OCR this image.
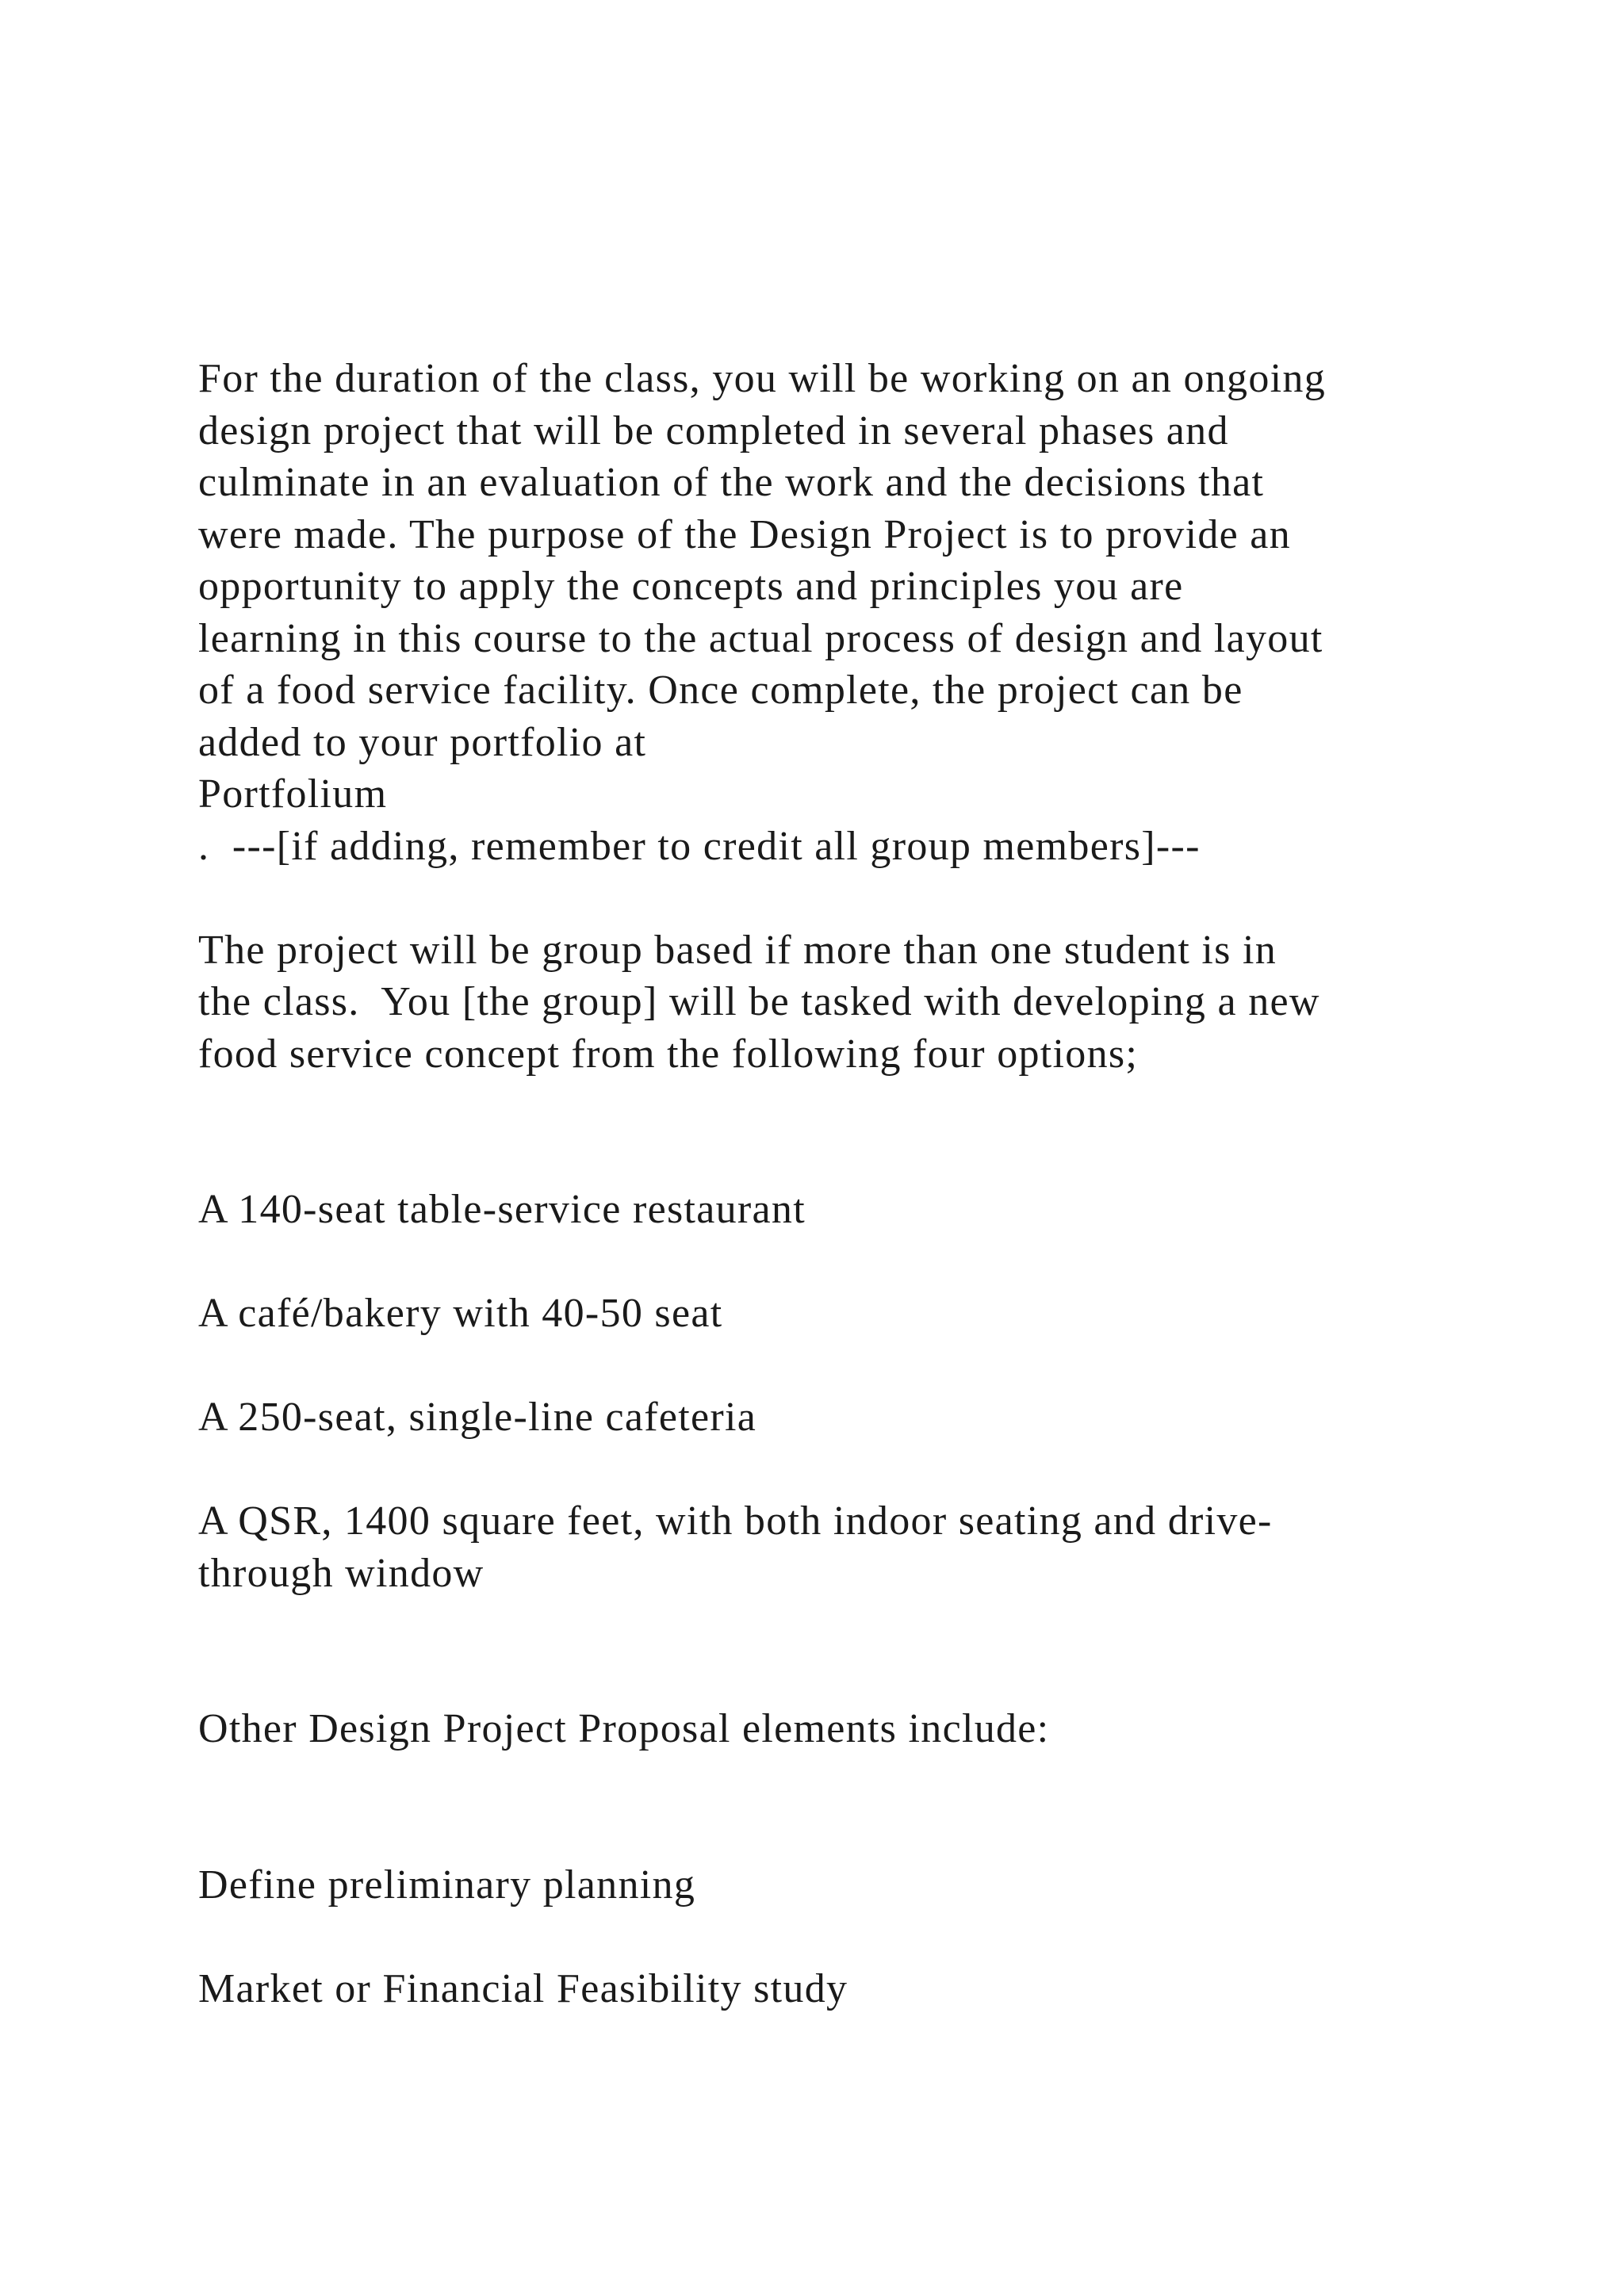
For the duration of the class, you will be working on an ongoing
design project that will be completed in several phases and
culminate in an evaluation of the work and the decisions that
were made. The purpose of the Design Project is to provide an
opportunity to apply the concepts and principles you are
learning in this course to the actual process of design and layout
of a food service facility. Once complete, the project can be
added to your portfolio at
Portfolium
.  ---[if adding, remember to credit all group members]---
The project will be group based if more than one student is in
the class.  You [the group] will be tasked with developing a new
food service concept from the following four options;
A 140-seat table-service restaurant
A café/bakery with 40-50 seat
A 250-seat, single-line cafeteria
A QSR, 1400 square feet, with both indoor seating and drive-
through window
Other Design Project Proposal elements include:
Define preliminary planning
Market or Financial Feasibility study
